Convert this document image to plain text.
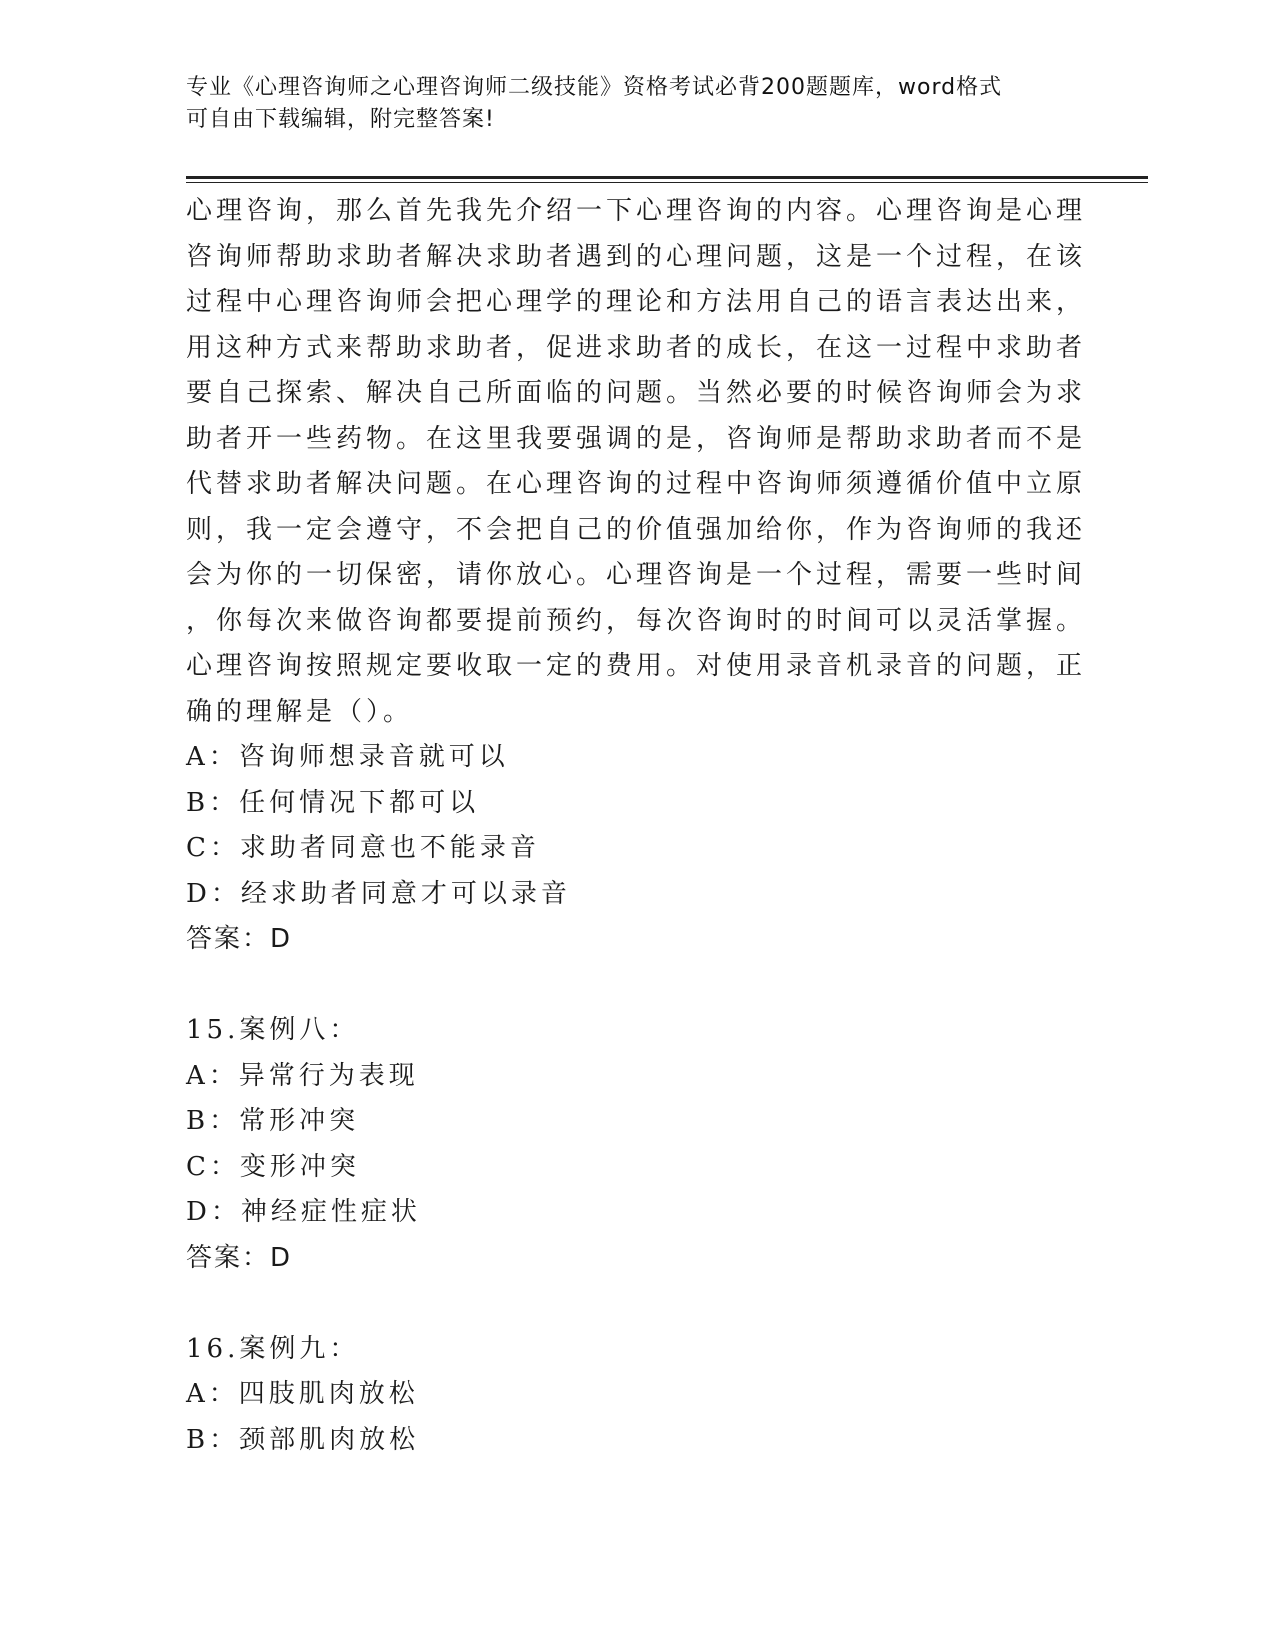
专业《心理咨询师之心理咨询师二级技能》资格考试必背200题题库，word格式
可自由下载编辑，附完整答案!
心理咨询，那么首先我先介绍一下心理咨询的内容。心理咨询是心理
咨询师帮助求助者解决求助者遇到的心理问题，这是一个过程，在该
过程中心理咨询师会把心理学的理论和方法用自己的语言表达出来，
用这种方式来帮助求助者，促进求助者的成长，在这一过程中求助者
要自己探索、解决自己所面临的问题。当然必要的时候咨询师会为求
助者开一些药物。在这里我要强调的是，咨询师是帮助求助者而不是
代替求助者解决问题。在心理咨询的过程中咨询师须遵循价值中立原
则，我一定会遵守，不会把自己的价值强加给你，作为咨询师的我还
会为你的一切保密，请你放心。心理咨询是一个过程，需要一些时间
，你每次来做咨询都要提前预约，每次咨询时的时间可以灵活掌握。
心理咨询按照规定要收取一定的费用。对使用录音机录音的问题，正
确的理解是（）。
A：咨询师想录音就可以
B：任何情况下都可以
C：求助者同意也不能录音
D：经求助者同意才可以录音
答案：D
15.案例八：
A：异常行为表现
B：常形冲突
C：变形冲突
D：神经症性症状
答案：D
16.案例九：
A：四肢肌肉放松
B：颈部肌肉放松
